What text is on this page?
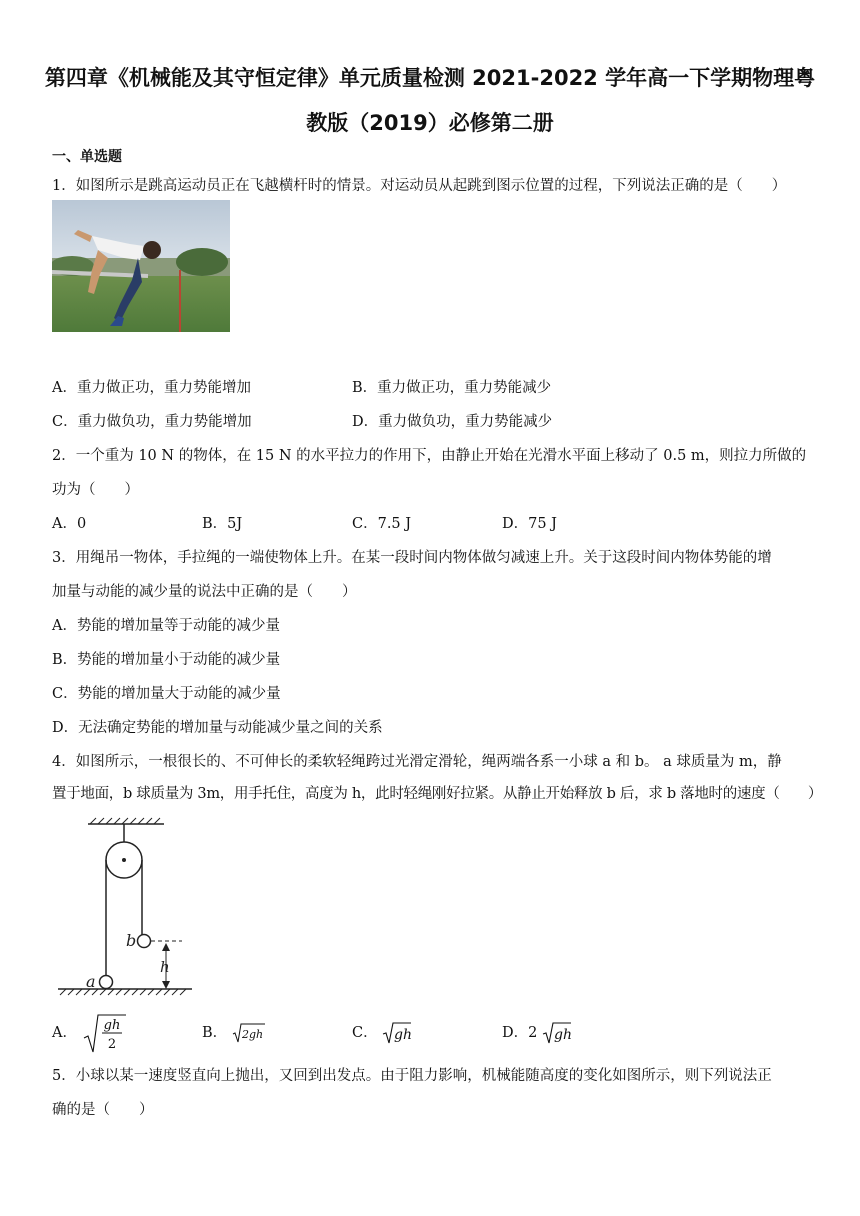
第四章《机械能及其守恒定律》单元质量检测 2021-2022 学年高一下学期物理粤
教版（2019）必修第二册
一、单选题
1．如图所示是跳高运动员正在飞越横杆时的情景。对运动员从起跳到图示位置的过程，下列说法正确的是（　　）
A．重力做正功，重力势能增加	B．重力做正功，重力势能减少
C．重力做负功，重力势能增加	D．重力做负功，重力势能减少
2．一个重为 10 N 的物体，在 15 N 的水平拉力的作用下，由静止开始在光滑水平面上移动了 0.5 m，则拉力所做的
功为（　　）
A．0	B．5J	C．7.5 J	D．75 J
3．用绳吊一物体，手拉绳的一端使物体上升。在某一段时间内物体做匀减速上升。关于这段时间内物体势能的增
加量与动能的减少量的说法中正确的是（　　）
A．势能的增加量等于动能的减少量
B．势能的增加量小于动能的减少量
C．势能的增加量大于动能的减少量
D．无法确定势能的增加量与动能减少量之间的关系
4．如图所示，一根很长的、不可伸长的柔软轻绳跨过光滑定滑轮，绳两端各系一小球 a 和 b。 a 球质量为 m，静
置于地面，b 球质量为 3m，用手托住，高度为 h，此时轻绳刚好拉紧。从静止开始释放 b 后，求 b 落地时的速度（　　）
b
a
h
A． gh
2
B． 2gh	C． gh	D．2 gh
5．小球以某一速度竖直向上抛出，又回到出发点。由于阻力影响，机械能随高度的变化如图所示，则下列说法正
确的是（　　）
